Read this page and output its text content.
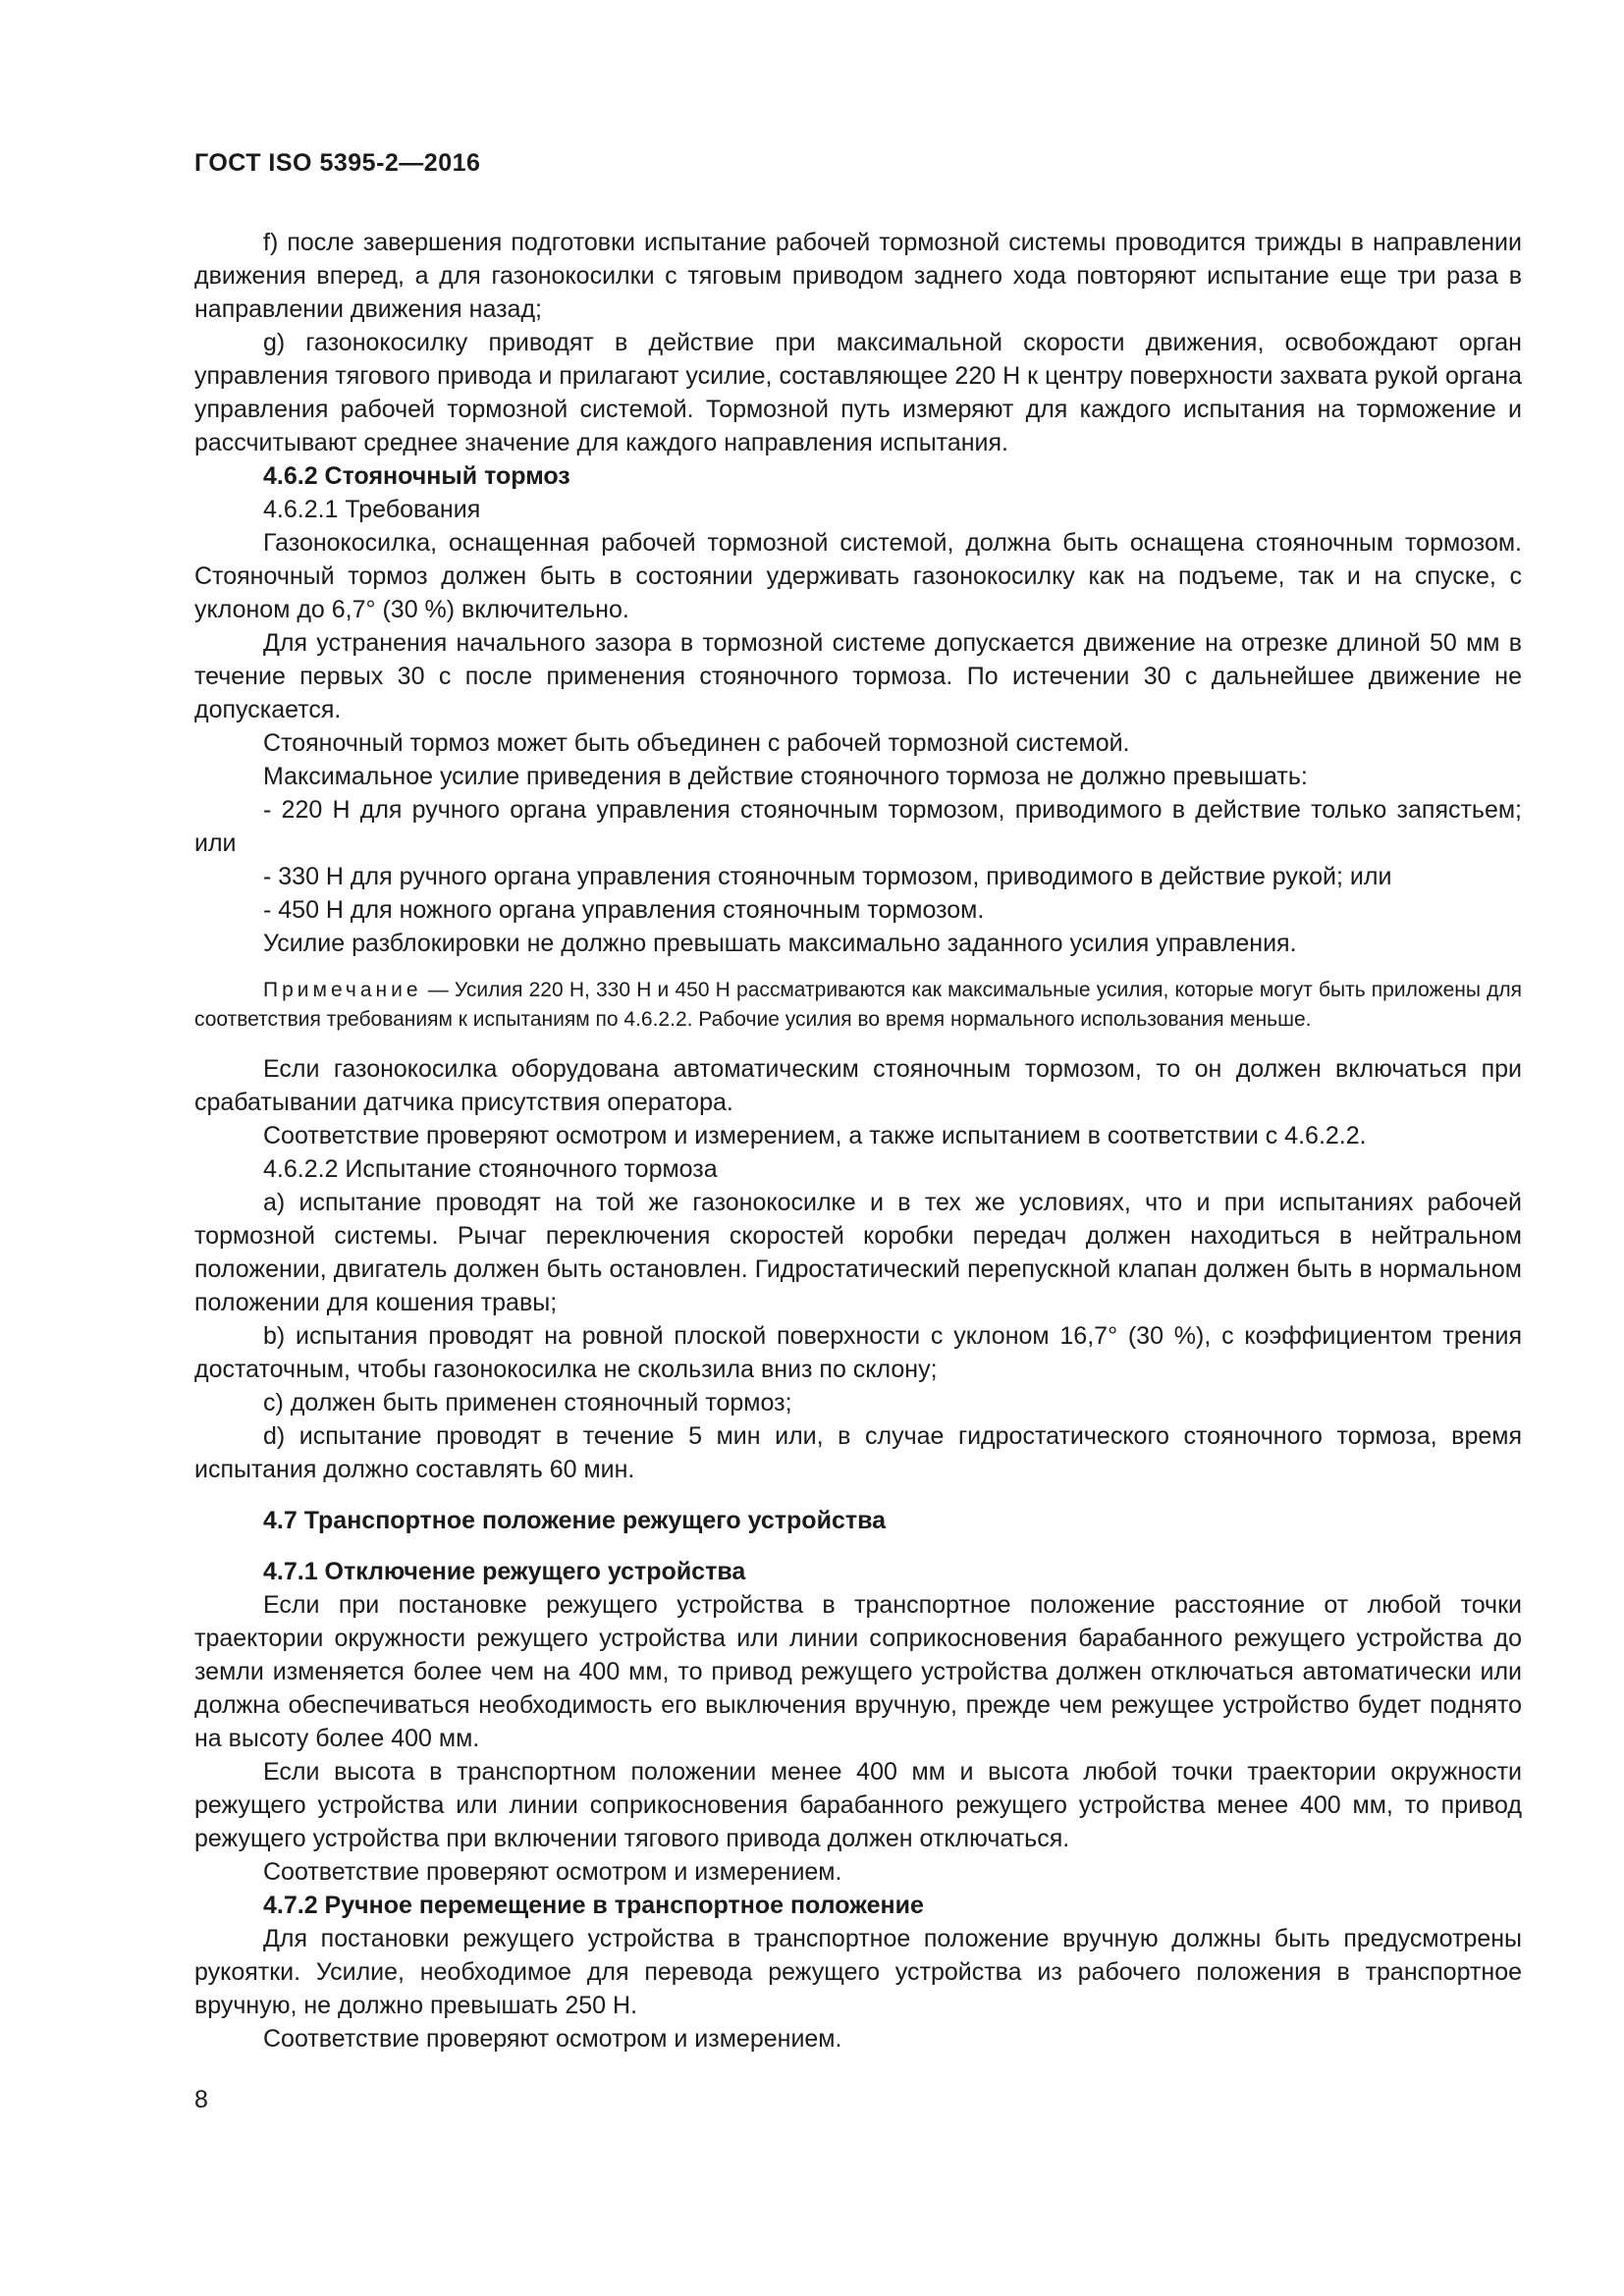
ГОСТ ISO 5395-2—2016

f) после завершения подготовки испытание рабочей тормозной системы проводится трижды в направлении движения вперед, а для газонокосилки с тяговым приводом заднего хода повторяют испытание еще три раза в направлении движения назад;

g) газонокосилку приводят в действие при максимальной скорости движения, освобождают орган управления тягового привода и прилагают усилие, составляющее 220 Н к центру поверхности захвата рукой органа управления рабочей тормозной системой. Тормозной путь измеряют для каждого испытания на торможение и рассчитывают среднее значение для каждого направления испытания.

4.6.2 Стояночный тормоз

4.6.2.1 Требования

Газонокосилка, оснащенная рабочей тормозной системой, должна быть оснащена стояночным тормозом. Стояночный тормоз должен быть в состоянии удерживать газонокосилку как на подъеме, так и на спуске, с уклоном до 6,7° (30 %) включительно.

Для устранения начального зазора в тормозной системе допускается движение на отрезке длиной 50 мм в течение первых 30 с после применения стояночного тормоза. По истечении 30 с дальнейшее движение не допускается.

Стояночный тормоз может быть объединен с рабочей тормозной системой.

Максимальное усилие приведения в действие стояночного тормоза не должно превышать:

- 220 Н для ручного органа управления стояночным тормозом, приводимого в действие только запястьем; или

- 330 Н для ручного органа управления стояночным тормозом, приводимого в действие рукой; или

- 450 Н для ножного органа управления стояночным тормозом.

Усилие разблокировки не должно превышать максимально заданного усилия управления.

Примечание — Усилия 220 Н, 330 Н и 450 Н рассматриваются как максимальные усилия, которые могут быть приложены для соответствия требованиям к испытаниям по 4.6.2.2. Рабочие усилия во время нормального использования меньше.

Если газонокосилка оборудована автоматическим стояночным тормозом, то он должен включаться при срабатывании датчика присутствия оператора.

Соответствие проверяют осмотром и измерением, а также испытанием в соответствии с 4.6.2.2.

4.6.2.2 Испытание стояночного тормоза

a) испытание проводят на той же газонокосилке и в тех же условиях, что и при испытаниях рабочей тормозной системы. Рычаг переключения скоростей коробки передач должен находиться в нейтральном положении, двигатель должен быть остановлен. Гидростатический перепускной клапан должен быть в нормальном положении для кошения травы;

b) испытания проводят на ровной плоской поверхности с уклоном 16,7° (30 %), с коэффициентом трения достаточным, чтобы газонокосилка не скользила вниз по склону;

c) должен быть применен стояночный тормоз;

d) испытание проводят в течение 5 мин или, в случае гидростатического стояночного тормоза, время испытания должно составлять 60 мин.

4.7 Транспортное положение режущего устройства

4.7.1 Отключение режущего устройства

Если при постановке режущего устройства в транспортное положение расстояние от любой точки траектории окружности режущего устройства или линии соприкосновения барабанного режущего устройства до земли изменяется более чем на 400 мм, то привод режущего устройства должен отключаться автоматически или должна обеспечиваться необходимость его выключения вручную, прежде чем режущее устройство будет поднято на высоту более 400 мм.

Если высота в транспортном положении менее 400 мм и высота любой точки траектории окружности режущего устройства или линии соприкосновения барабанного режущего устройства менее 400 мм, то привод режущего устройства при включении тягового привода должен отключаться.

Соответствие проверяют осмотром и измерением.

4.7.2 Ручное перемещение в транспортное положение

Для постановки режущего устройства в транспортное положение вручную должны быть предусмотрены рукоятки. Усилие, необходимое для перевода режущего устройства из рабочего положения в транспортное вручную, не должно превышать 250 Н.

Соответствие проверяют осмотром и измерением.

8
